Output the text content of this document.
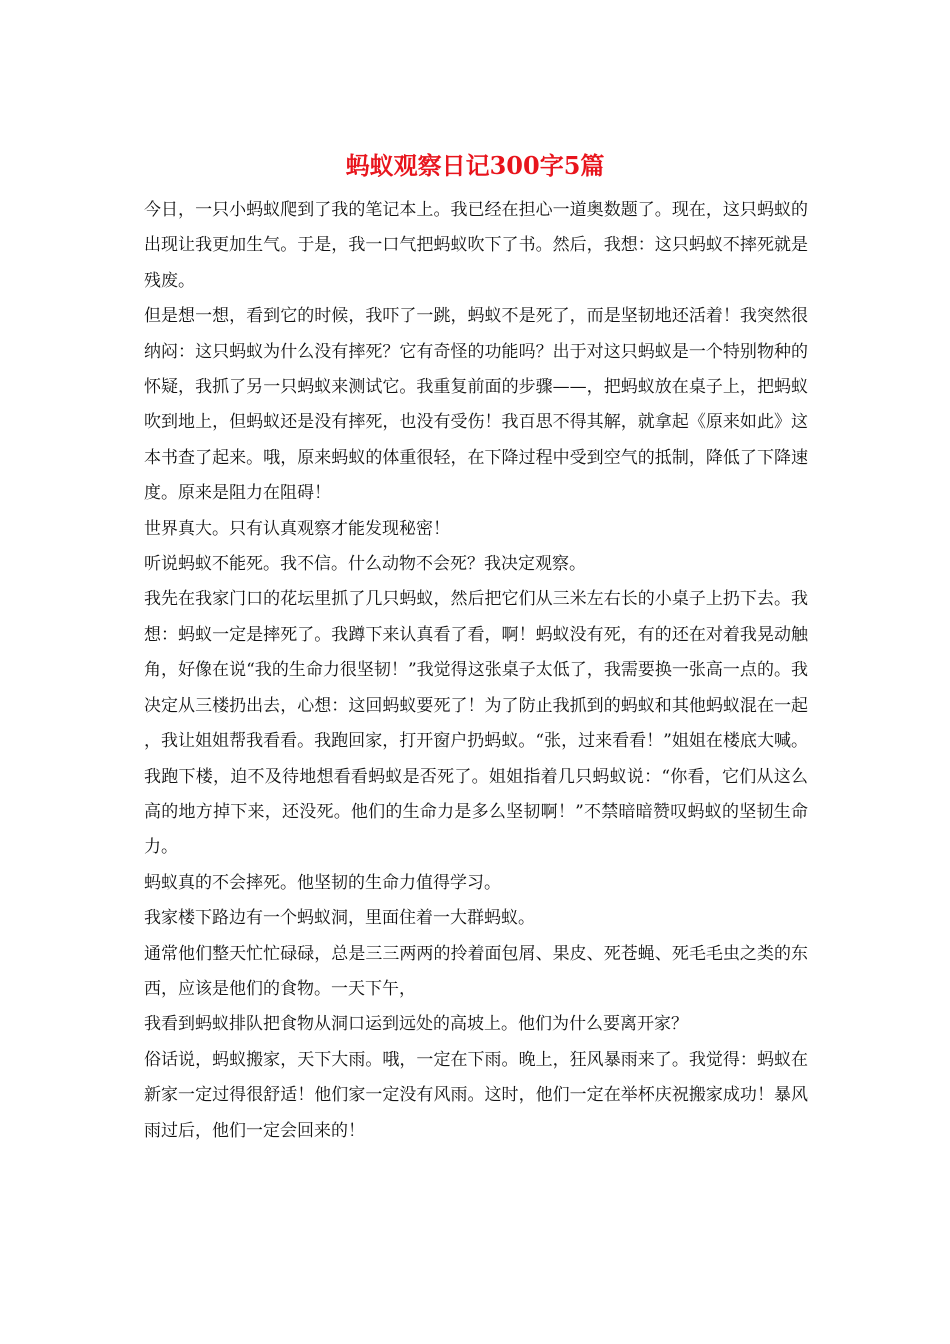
蚂蚁观察日记300字5篇

今日，一只小蚂蚁爬到了我的笔记本上。我已经在担心一道奥数题了。现在，这只蚂蚁的出现让我更加生气。于是，我一口气把蚂蚁吹下了书。然后，我想：这只蚂蚁不摔死就是残废。

但是想一想，看到它的时候，我吓了一跳，蚂蚁不是死了，而是坚韧地还活着！我突然很纳闷：这只蚂蚁为什么没有摔死？它有奇怪的功能吗？出于对这只蚂蚁是一个特别物种的怀疑，我抓了另一只蚂蚁来测试它。我重复前面的步骤——，把蚂蚁放在桌子上，把蚂蚁吹到地上，但蚂蚁还是没有摔死，也没有受伤！我百思不得其解，就拿起《原来如此》这本书查了起来。哦，原来蚂蚁的体重很轻，在下降过程中受到空气的抵制，降低了下降速度。原来是阻力在阻碍！

世界真大。只有认真观察才能发现秘密！

听说蚂蚁不能死。我不信。什么动物不会死？我决定观察。

我先在我家门口的花坛里抓了几只蚂蚁，然后把它们从三米左右长的小桌子上扔下去。我想：蚂蚁一定是摔死了。我蹲下来认真看了看，啊！蚂蚁没有死，有的还在对着我晃动触角，好像在说“我的生命力很坚韧！”我觉得这张桌子太低了，我需要换一张高一点的。我决定从三楼扔出去，心想：这回蚂蚁要死了！为了防止我抓到的蚂蚁和其他蚂蚁混在一起，我让姐姐帮我看看。我跑回家，打开窗户扔蚂蚁。“张，过来看看！”姐姐在楼底大喊。我跑下楼，迫不及待地想看看蚂蚁是否死了。姐姐指着几只蚂蚁说：“你看，它们从这么高的地方掉下来，还没死。他们的生命力是多么坚韧啊！”不禁暗暗赞叹蚂蚁的坚韧生命力。

蚂蚁真的不会摔死。他坚韧的生命力值得学习。

我家楼下路边有一个蚂蚁洞，里面住着一大群蚂蚁。

通常他们整天忙忙碌碌，总是三三两两的拎着面包屑、果皮、死苍蝇、死毛毛虫之类的东西，应该是他们的食物。一天下午，

我看到蚂蚁排队把食物从洞口运到远处的高坡上。他们为什么要离开家？

俗话说，蚂蚁搬家，天下大雨。哦，一定在下雨。晚上，狂风暴雨来了。我觉得：蚂蚁在新家一定过得很舒适！他们家一定没有风雨。这时，他们一定在举杯庆祝搬家成功！暴风雨过后，他们一定会回来的！
